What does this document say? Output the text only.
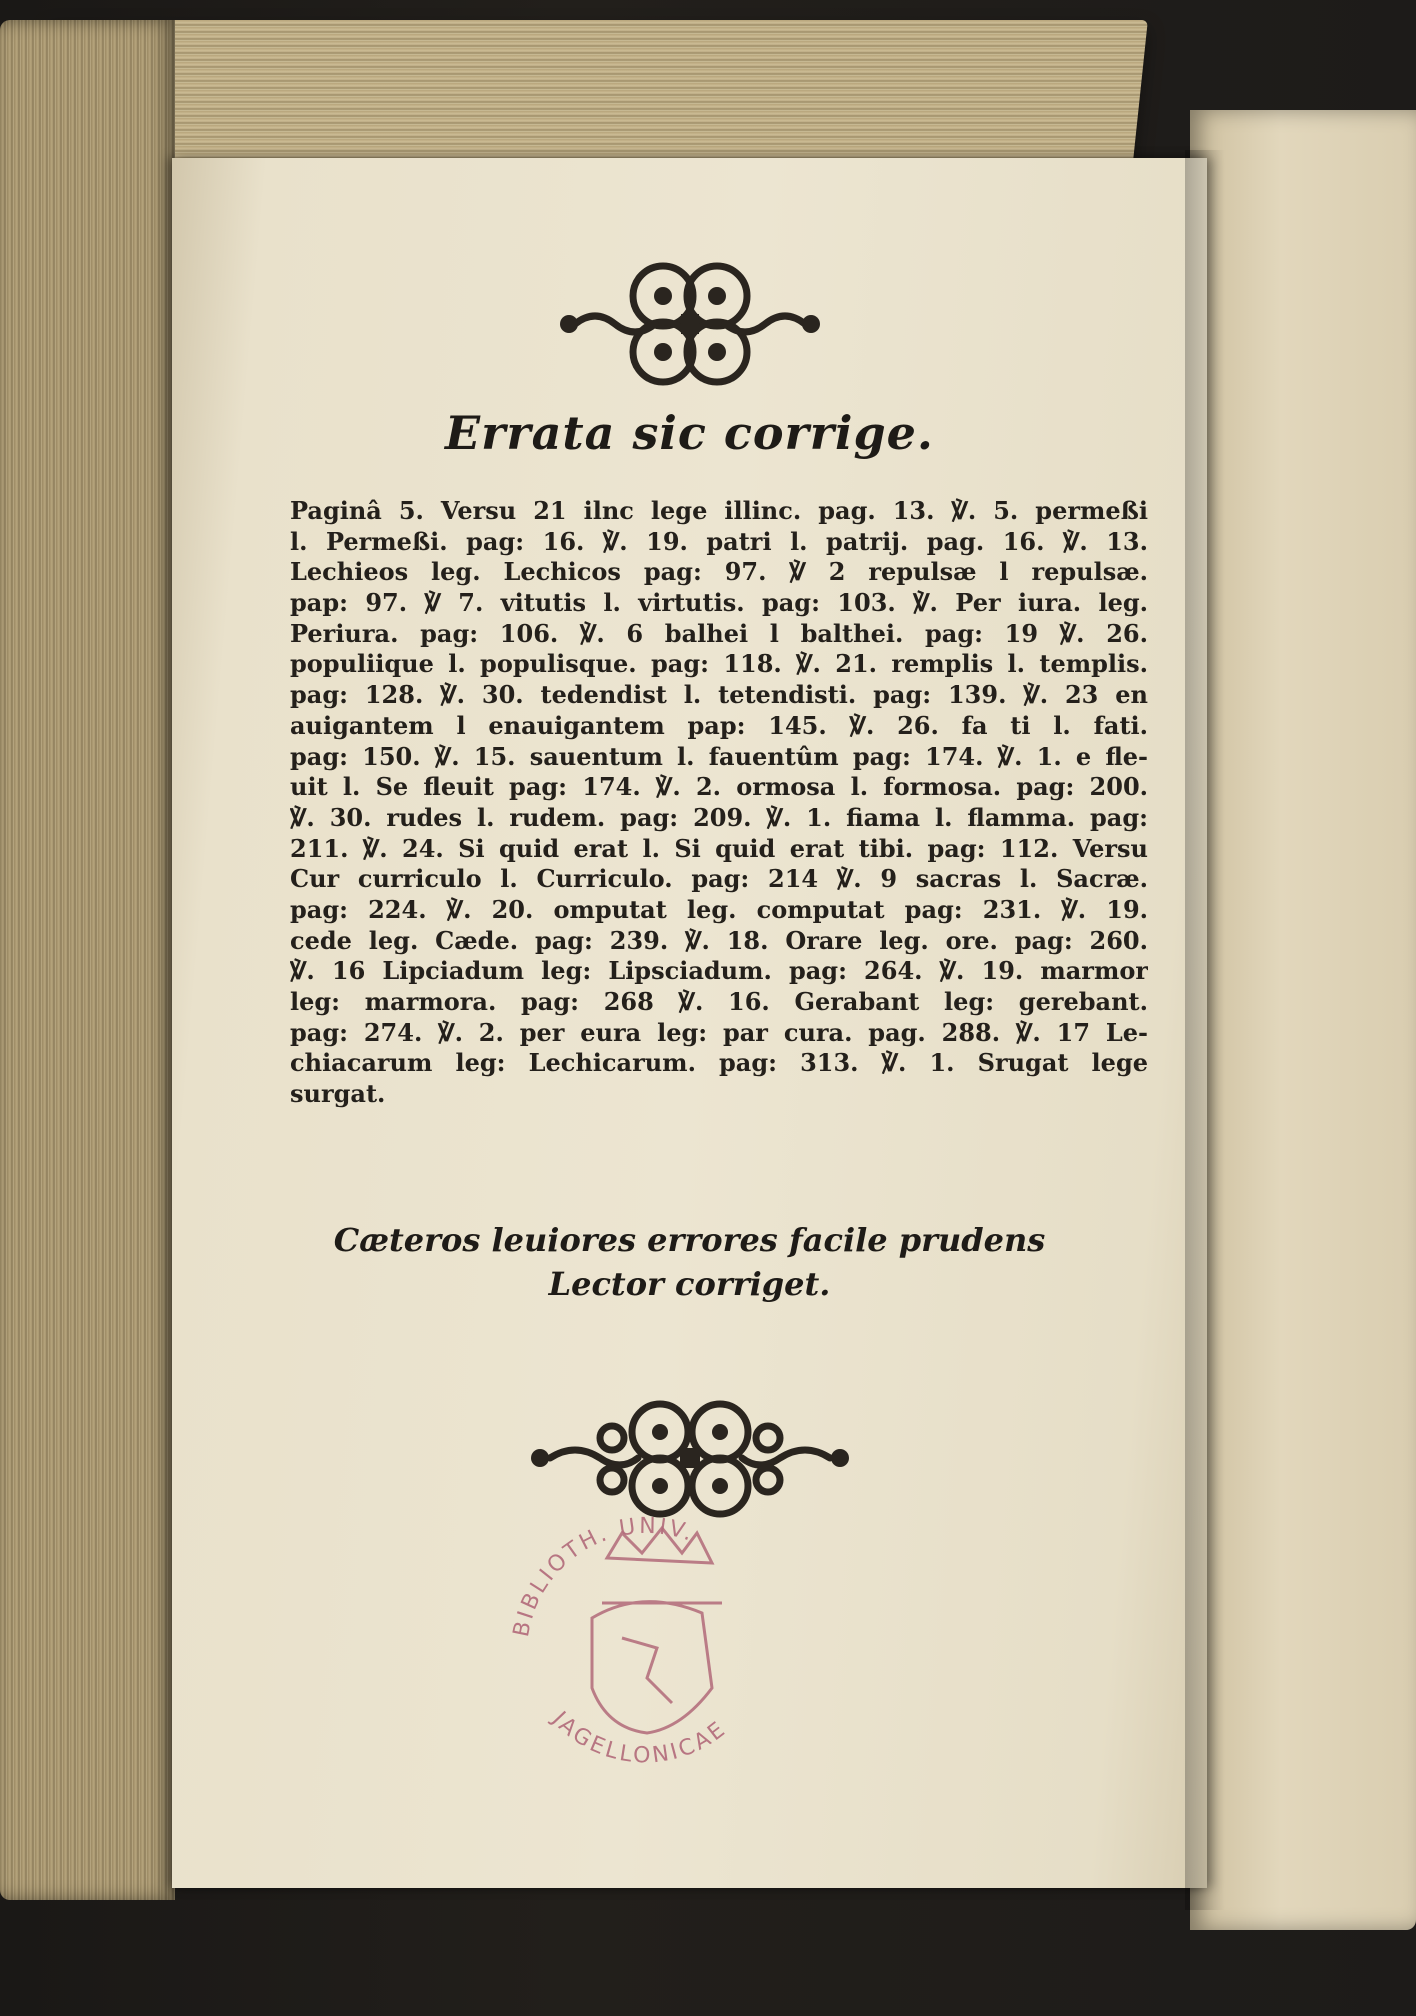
Errata sic corrige.
Paginâ 5. Versu 21 ilnc lege illinc. pag. 13. ℣. 5. permeßi
l. Permeßi. pag: 16. ℣. 19. patri l. patrij. pag. 16. ℣. 13.
Lechieos leg. Lechicos pag: 97. ℣ 2 repulsæ l repulsæ.
pap: 97. ℣ 7. vitutis l. virtutis. pag: 103. ℣. Per iura. leg.
Periura. pag: 106. ℣. 6 balhei l balthei. pag: 19 ℣. 26.
populiique l. populisque. pag: 118. ℣. 21. remplis l. templis.
pag: 128. ℣. 30. tedendist l. tetendisti. pag: 139. ℣. 23 en
auigantem l enauigantem pap: 145. ℣. 26. fa ti l. fati.
pag: 150. ℣. 15. sauentum l. fauentûm pag: 174. ℣. 1. e fle-
uit l. Se fleuit pag: 174. ℣. 2. ormosa l. formosa. pag: 200.
℣. 30. rudes l. rudem. pag: 209. ℣. 1. fiama l. flamma. pag:
211. ℣. 24. Si quid erat l. Si quid erat tibi. pag: 112. Versu
Cur curriculo l. Curriculo. pag: 214 ℣. 9 sacras l. Sacræ.
pag: 224. ℣. 20. omputat leg. computat pag: 231. ℣. 19.
cede leg. Cæde. pag: 239. ℣. 18. Orare leg. ore. pag: 260.
℣. 16 Lipciadum leg: Lipsciadum. pag: 264. ℣. 19. marmor
leg: marmora. pag: 268 ℣. 16. Gerabant leg: gerebant.
pag: 274. ℣. 2. per eura leg: par cura. pag. 288. ℣. 17 Le-
chiacarum leg: Lechicarum. pag: 313. ℣. 1. Srugat lege
surgat.
Cæteros leuiores errores facile prudens
Lector corriget.
BIBLIOTH. UNIV.
JAGELLONICAE
